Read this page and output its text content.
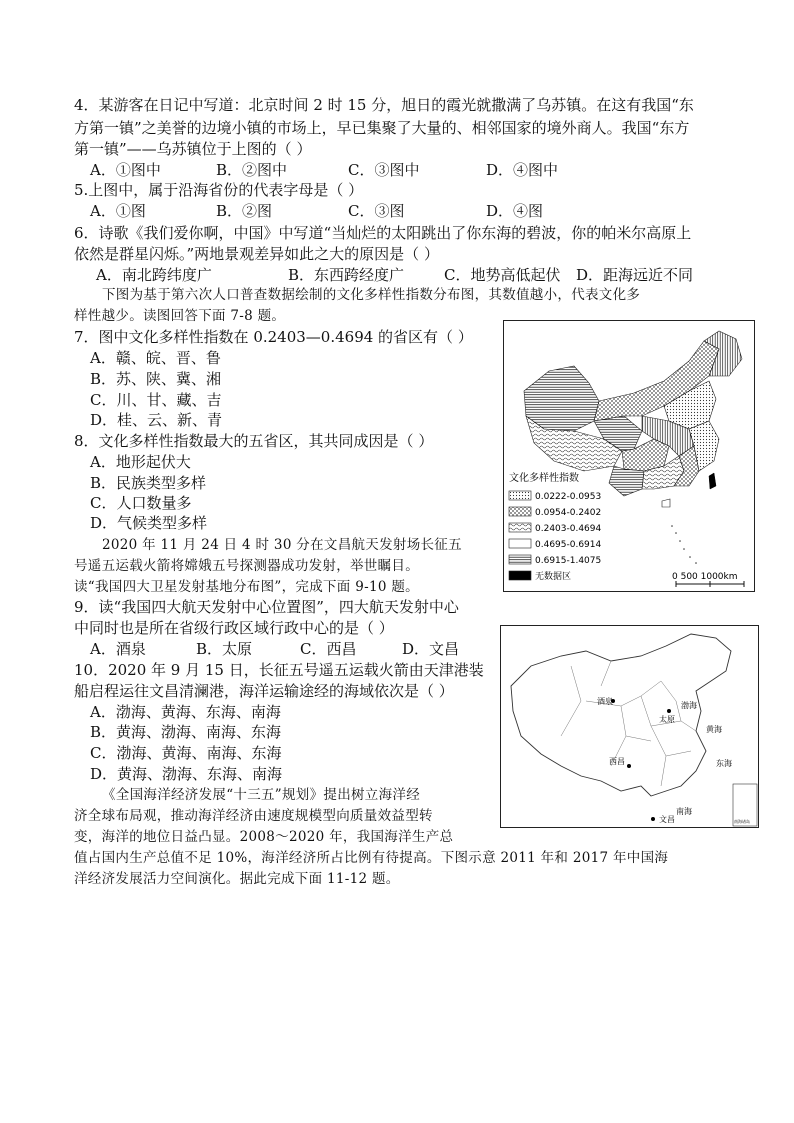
4．某游客在日记中写道：北京时间 2 时 15 分，旭日的霞光就撒满了乌苏镇。在这有我国“东
方第一镇”之美誉的边境小镇的市场上，早已集聚了大量的、相邻国家的境外商人。我国“东方
第一镇”——乌苏镇位于上图的（ ）
A．①图中	B．②图中	C．③图中	D．④图中
5.上图中，属于沿海省份的代表字母是（ ）
A．①图	B．②图	C．③图	D．④图
6．诗歌《我们爱你啊，中国》中写道“当灿烂的太阳跳出了你东海的碧波，你的帕米尔高原上
依然是群星闪烁。”两地景观差异如此之大的原因是（ ）
A．南北跨纬度广	B．东西跨经度广	C．地势高低起伏 D．距海远近不同
下图为基于第六次人口普查数据绘制的文化多样性指数分布图，其数值越小，代表文化多
样性越少。读图回答下面 7-8 题。
7．图中文化多样性指数在 0.2403—0.4694 的省区有（ ）
A．赣、皖、晋、鲁
B．苏、陕、冀、湘
C．川、甘、藏、吉
D．桂、云、新、青
8．文化多样性指数最大的五省区，其共同成因是（ ）
A．地形起伏大
B．民族类型多样
C．人口数量多
D．气候类型多样
2020 年 11 月 24 日 4 时 30 分在文昌航天发射场长征五
号遥五运载火箭将嫦娥五号探测器成功发射，举世瞩目。
读“我国四大卫星发射基地分布图”，完成下面 9-10 题。
9．读“我国四大航天发射中心位置图”，四大航天发射中心
中同时也是所在省级行政区域行政中心的是（ ）
A．酒泉	B．太原	C．西昌	D．文昌
10．2020 年 9 月 15 日，长征五号遥五运载火箭由天津港装
船启程运往文昌清澜港，海洋运输途经的海域依次是（ ）
A．渤海、黄海、东海、南海
B．黄海、渤海、南海、东海
C．渤海、黄海、南海、东海
D．黄海、渤海、东海、南海
《全国海洋经济发展“十三五”规划》提出树立海洋经
济全球布局观，推动海洋经济由速度规模型向质量效益型转
变，海洋的地位日益凸显。2008～2020 年，我国海洋生产总
值占国内生产总值不足 10%，海洋经济所占比例有待提高。下图示意 2011 年和 2017 年中国海
洋经济发展活力空间演化。据此完成下面 11-12 题。
文化多样性指数
0.0222-0.0953
0.0954-0.2402
0.2403-0.4694
0.4695-0.6914
0.6915-1.4075
无数据区	0 500 1000km
渤海
黄海
东海
南海
酒泉
太原
西昌
文昌	南海诸岛
